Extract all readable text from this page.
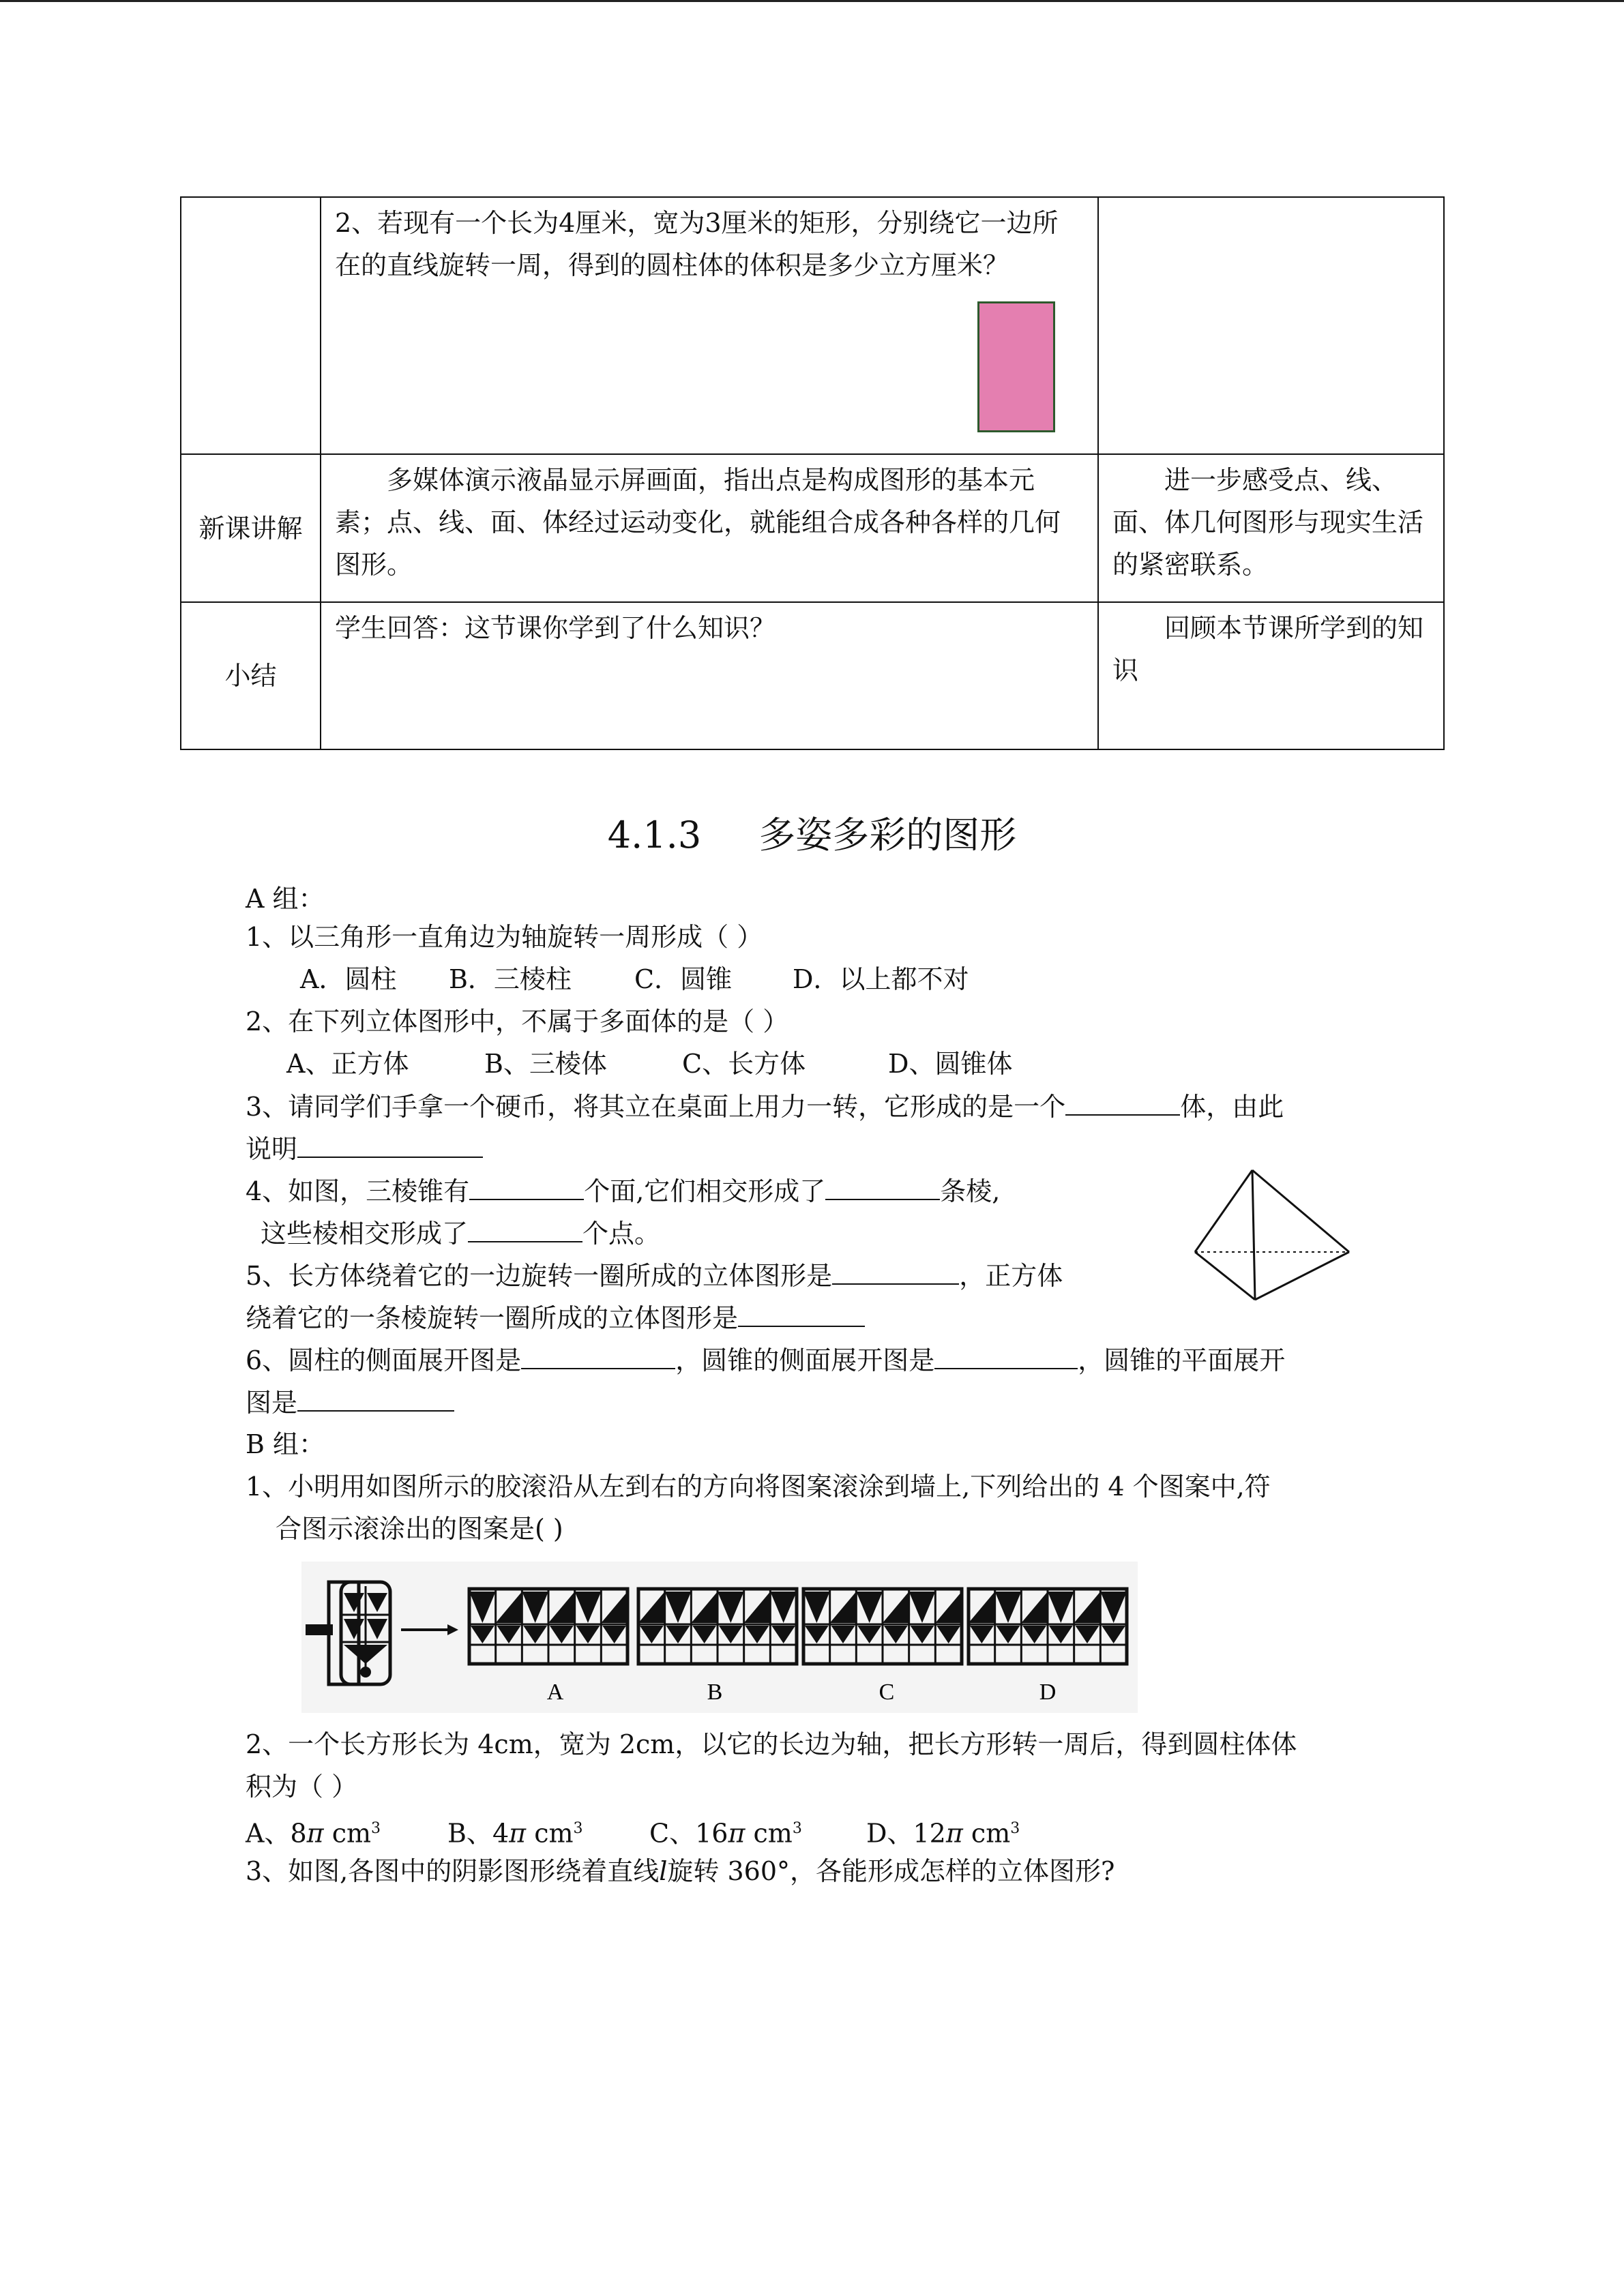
	2、若现有一个长为4厘米，宽为3厘米的矩形，分别绕它一边所在的直线旋转一周，得到的圆柱体的体积是多少立方厘米？	

新课讲解	多媒体演示液晶显示屏画面，指出点是构成图形的基本元素；点、线、面、体经过运动变化，就能组合成各种各样的几何图形。	进一步感受点、线、面、体几何图形与现实生活的紧密联系。
小结	学生回答：这节课你学到了什么知识？	回顾本节课所学到的知识
4.1.3 多姿多彩的图形
A 组：
1、以三角形一直角边为轴旋转一周形成（ ）
A．圆柱 B．三棱柱 C．圆锥 D．以上都不对
2、在下列立体图形中，不属于多面体的是（ ）
A、正方体	B、三棱体	C、长方体	D、圆锥体
3、请同学们手拿一个硬币，将其立在桌面上用力一转，它形成的是一个	体，由此
说明
4、如图，三棱锥有	个面,它们相交形成了	条棱,
这些棱相交形成了	个点。
5、长方体绕着它的一边旋转一圈所成的立体图形是	，正方体
绕着它的一条棱旋转一圈所成的立体图形是
6、圆柱的侧面展开图是	，圆锥的侧面展开图是	，圆锥的平面展开
图是
B 组：
1、小明用如图所示的胶滚沿从左到右的方向将图案滚涂到墙上,下列给出的 4 个图案中,符
合图示滚涂出的图案是( )
A	B	C	D
2、一个长方形长为 4cm，宽为 2cm，以它的长边为轴，把长方形转一周后，得到圆柱体体
积为（ ）
A、8π $cm^3$	B、4π $cm^3$	C、16π $cm^3$ D、12π $cm^3$
3、如图,各图中的阴影图形绕着直线l旋转 360°，各能形成怎样的立体图形?
